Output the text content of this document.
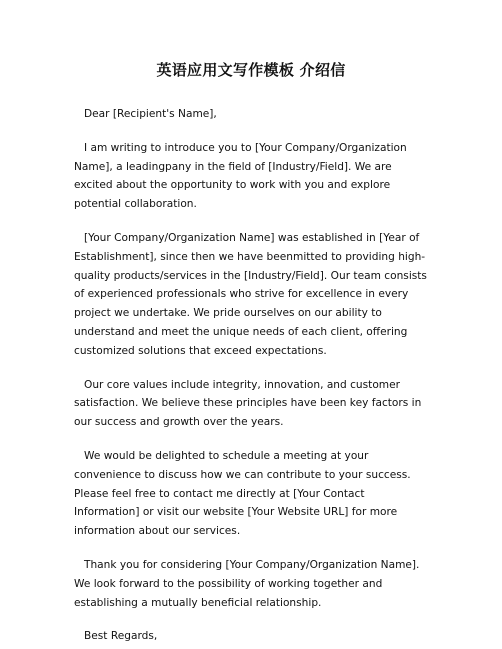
英语应用文写作模板 介绍信

Dear [Recipient's Name],

I am writing to introduce you to [Your Company/Organization Name], a leadingpany in the field of [Industry/Field]. We are excited about the opportunity to work with you and explore potential collaboration.

[Your Company/Organization Name] was established in [Year of Establishment], since then we have beenmitted to providing high-quality products/services in the [Industry/Field]. Our team consists of experienced professionals who strive for excellence in every project we undertake. We pride ourselves on our ability to understand and meet the unique needs of each client, offering customized solutions that exceed expectations.

Our core values include integrity, innovation, and customer satisfaction. We believe these principles have been key factors in our success and growth over the years.

We would be delighted to schedule a meeting at your convenience to discuss how we can contribute to your success. Please feel free to contact me directly at [Your Contact Information] or visit our website [Your Website URL] for more information about our services.

Thank you for considering [Your Company/Organization Name]. We look forward to the possibility of working together and establishing a mutually beneficial relationship.

Best Regards,
